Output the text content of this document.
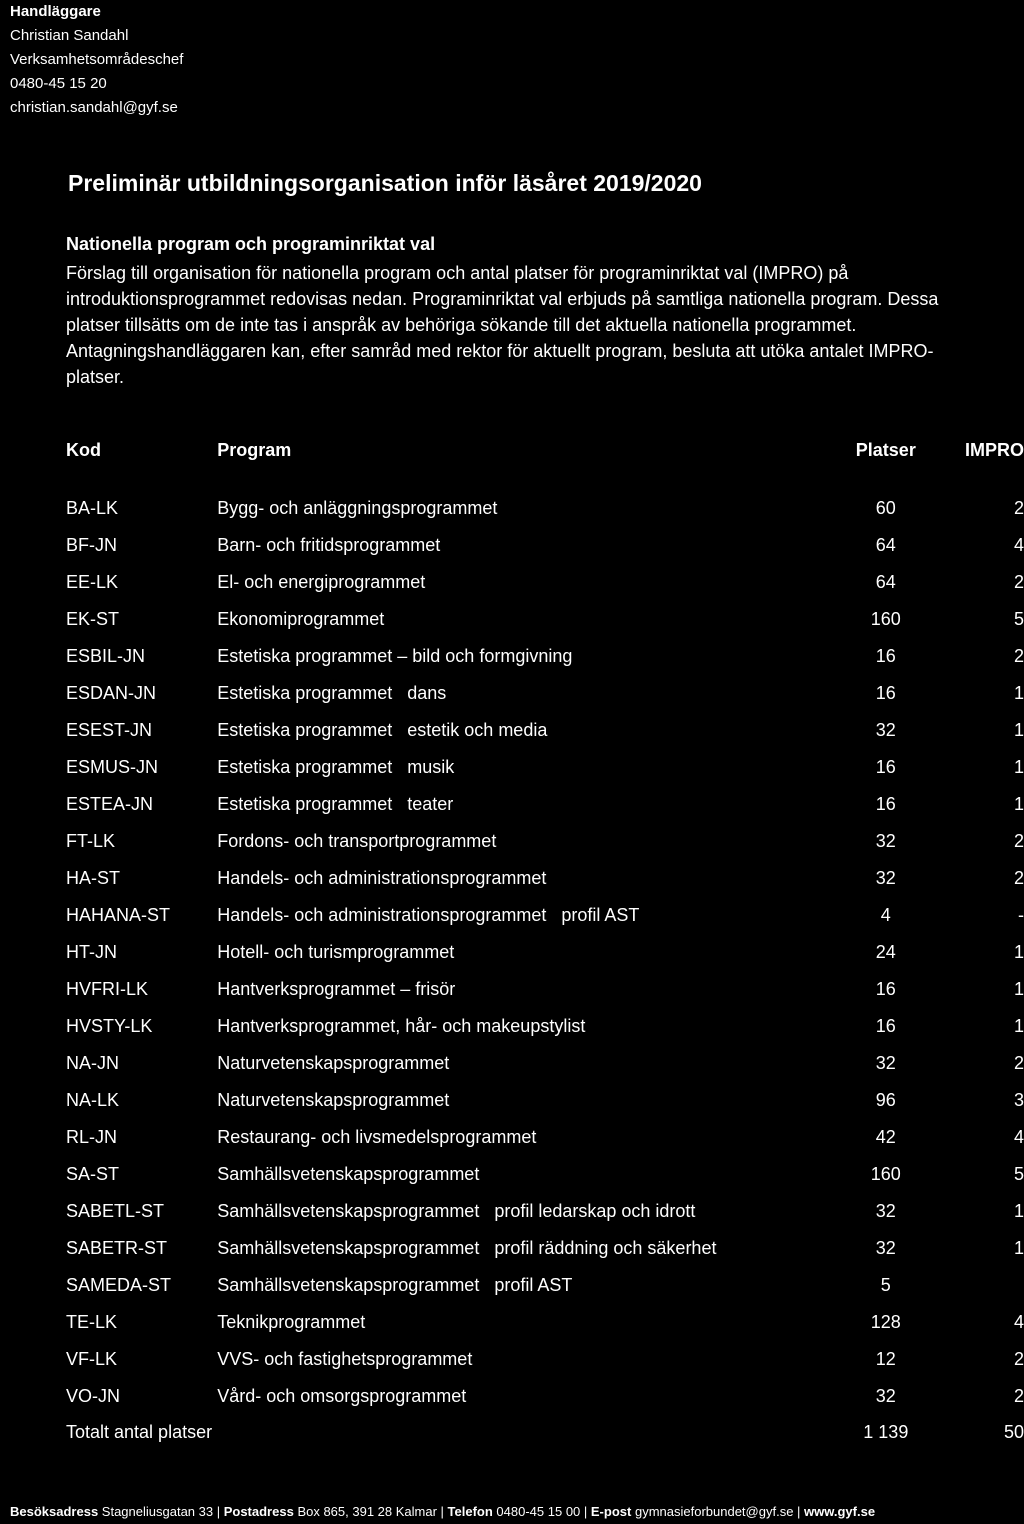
Handläggare
Christian Sandahl
Verksamhetsområdeschef
0480-45 15 20
christian.sandahl@gyf.se
Preliminär utbildningsorganisation inför läsåret 2019/2020
Nationella program och programinriktat val

Förslag till organisation för nationella program och antal platser för programinriktat val (IMPRO) på introduktionsprogrammet redovisas nedan. Programinriktat val erbjuds på samtliga nationella program. Dessa platser tillsätts om de inte tas i anspråk av behöriga sökande till det aktuella nationella programmet. Antagningshandläggaren kan, efter samråd med rektor för aktuellt program, besluta att utöka antalet IMPRO-platser.

Kod	Program	Platser	IMPRO
BA-LK	Bygg- och anläggningsprogrammet	60	2
BF-JN	Barn- och fritidsprogrammet	64	4
EE-LK	El- och energiprogrammet	64	2
EK-ST	Ekonomiprogrammet	160	5
ESBIL-JN	Estetiska programmet – bild och formgivning	16	2
ESDAN-JN	Estetiska programmet   dans	16	1
ESEST-JN	Estetiska programmet   estetik och media	32	1
ESMUS-JN	Estetiska programmet   musik	16	1
ESTEA-JN	Estetiska programmet   teater	16	1
FT-LK	Fordons- och transportprogrammet	32	2
HA-ST	Handels- och administrationsprogrammet	32	2
HAHANA-ST	Handels- och administrationsprogrammet   profil AST	4	-
HT-JN	Hotell- och turismprogrammet	24	1
HVFRI-LK	Hantverksprogrammet – frisör	16	1
HVSTY-LK	Hantverksprogrammet, hår- och makeupstylist	16	1
NA-JN	Naturvetenskapsprogrammet	32	2
NA-LK	Naturvetenskapsprogrammet	96	3
RL-JN	Restaurang- och livsmedelsprogrammet	42	4
SA-ST	Samhällsvetenskapsprogrammet	160	5
SABETL-ST	Samhällsvetenskapsprogrammet   profil ledarskap och idrott	32	1
SABETR-ST	Samhällsvetenskapsprogrammet   profil räddning och säkerhet	32	1
SAMEDA-ST	Samhällsvetenskapsprogrammet   profil AST	5	
TE-LK	Teknikprogrammet	128	4
VF-LK	VVS- och fastighetsprogrammet	12	2
VO-JN	Vård- och omsorgsprogrammet	32	2
Totalt antal platser		1 139	50
Besöksadress Stagneliusgatan 33 | Postadress Box 865, 391 28 Kalmar | Telefon 0480-45 15 00 | E-post gymnasieforbundet@gyf.se | www.gyf.se
